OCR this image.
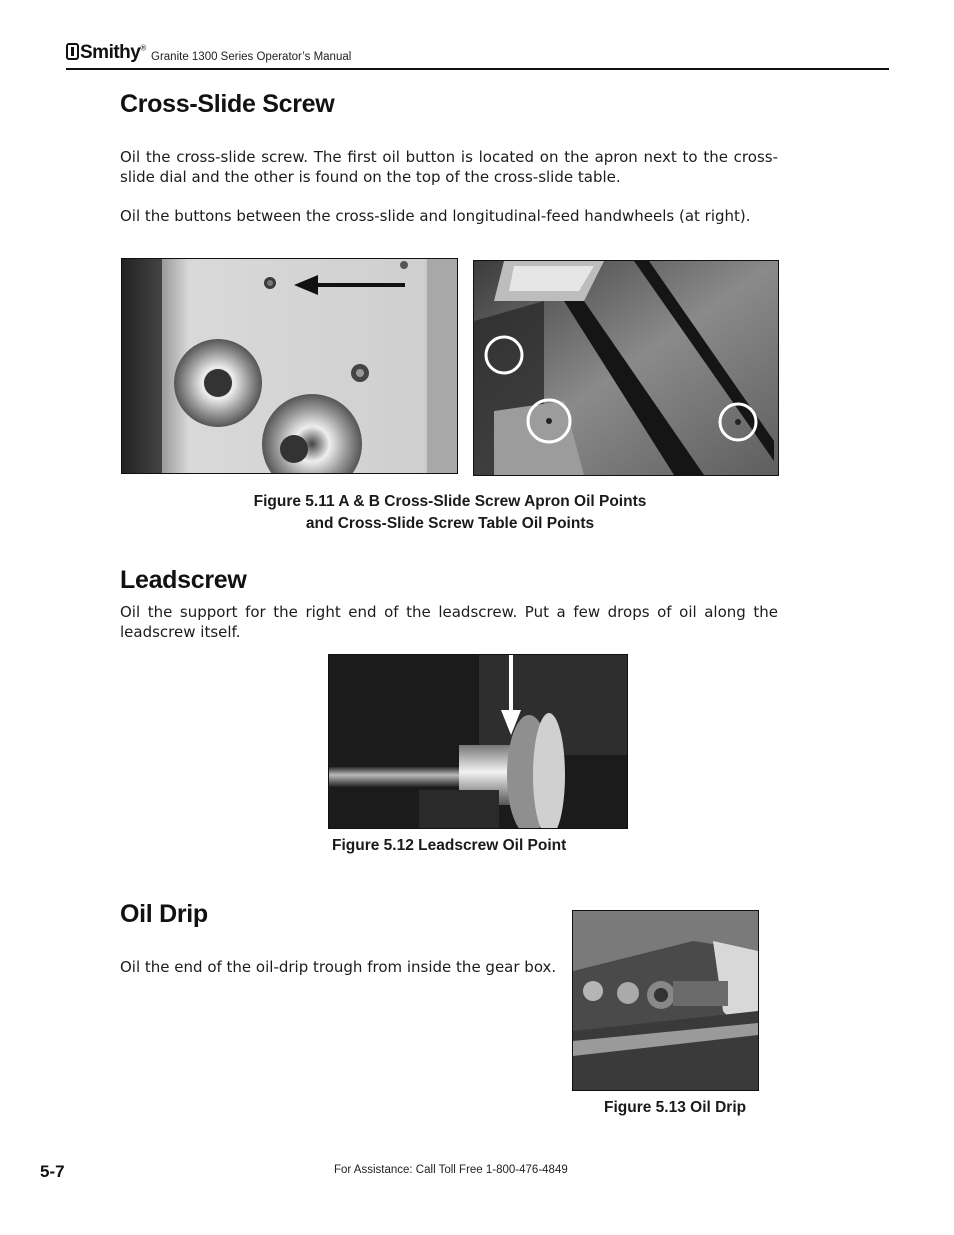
Smithy®
Granite 1300 Series Operator’s Manual
Cross-Slide Screw

Oil the cross-slide screw. The first oil button is located on the apron next to the cross-slide dial and the other is found on the top of the cross-slide table.

Oil the buttons between the cross-slide and longitudinal-feed handwheels (at right).

Figure 5.11 A & B Cross-Slide Screw Apron Oil Points

and Cross-Slide Screw Table Oil Points

Leadscrew

Oil the support for the right end of the leadscrew. Put a few drops of oil along the leadscrew itself.

Figure 5.12 Leadscrew Oil Point

Oil Drip

Oil the end of the oil-drip trough from inside the gear box.

Figure 5.13 Oil Drip

5-7	For Assistance: Call Toll Free 1-800-476-4849
